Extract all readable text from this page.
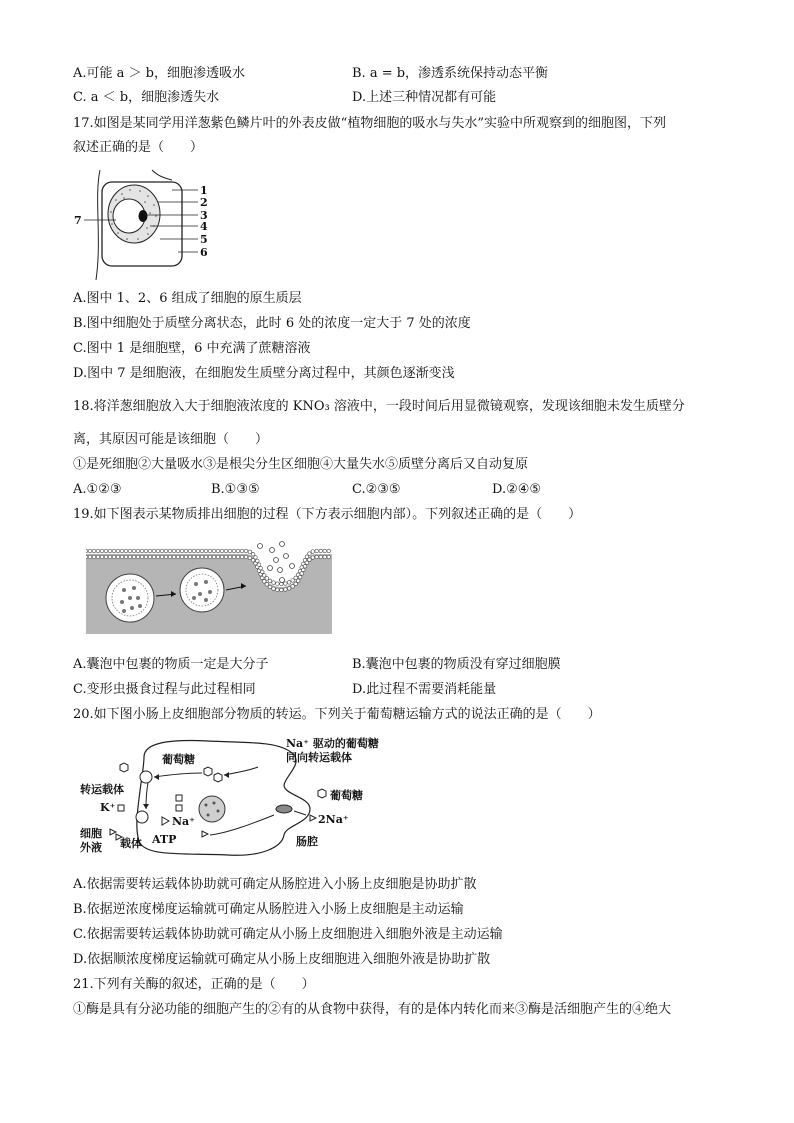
A.可能 a ＞ b，细胞渗透吸水	B. a = b，渗透系统保持动态平衡
C. a ＜ b，细胞渗透失水	D.上述三种情况都有可能
17.如图是某同学用洋葱紫色鳞片叶的外表皮做“植物细胞的吸水与失水”实验中所观察到的细胞图，下列
叙述正确的是（　　）
1
2
3
4
5
6
7
A.图中 1、2、6 组成了细胞的原生质层
B.图中细胞处于质壁分离状态，此时 6 处的浓度一定大于 7 处的浓度
C.图中 1 是细胞壁，6 中充满了蔗糖溶液
D.图中 7 是细胞液，在细胞发生质壁分离过程中，其颜色逐渐变浅
18.将洋葱细胞放入大于细胞液浓度的 KNO₃ 溶液中，一段时间后用显微镜观察，发现该细胞未发生质壁分
离，其原因可能是该细胞（　　）
①是死细胞②大量吸水③是根尖分生区细胞④大量失水⑤质壁分离后又自动复原
A.①②③	B.①③⑤	C.②③⑤	D.②④⑤
19.如下图表示某物质排出细胞的过程（下方表示细胞内部）。下列叙述正确的是（　　）
A.囊泡中包裹的物质一定是大分子	B.囊泡中包裹的物质没有穿过细胞膜
C.变形虫摄食过程与此过程相同	D.此过程不需要消耗能量
20.如下图小肠上皮细胞部分物质的转运。下列关于葡萄糖运输方式的说法正确的是（　　）
Na⁺ 驱动的葡萄糖
同向转运载体
葡萄糖
葡萄糖
转运载体
K⁺
Na⁺	2Na⁺
ATP
载体
细胞
外液	肠腔
A.依据需要转运载体协助就可确定从肠腔进入小肠上皮细胞是协助扩散
B.依据逆浓度梯度运输就可确定从肠腔进入小肠上皮细胞是主动运输
C.依据需要转运载体协助就可确定从小肠上皮细胞进入细胞外液是主动运输
D.依据顺浓度梯度运输就可确定从小肠上皮细胞进入细胞外液是协助扩散
21.下列有关酶的叙述，正确的是（　　）
①酶是具有分泌功能的细胞产生的②有的从食物中获得，有的是体内转化而来③酶是活细胞产生的④绝大
